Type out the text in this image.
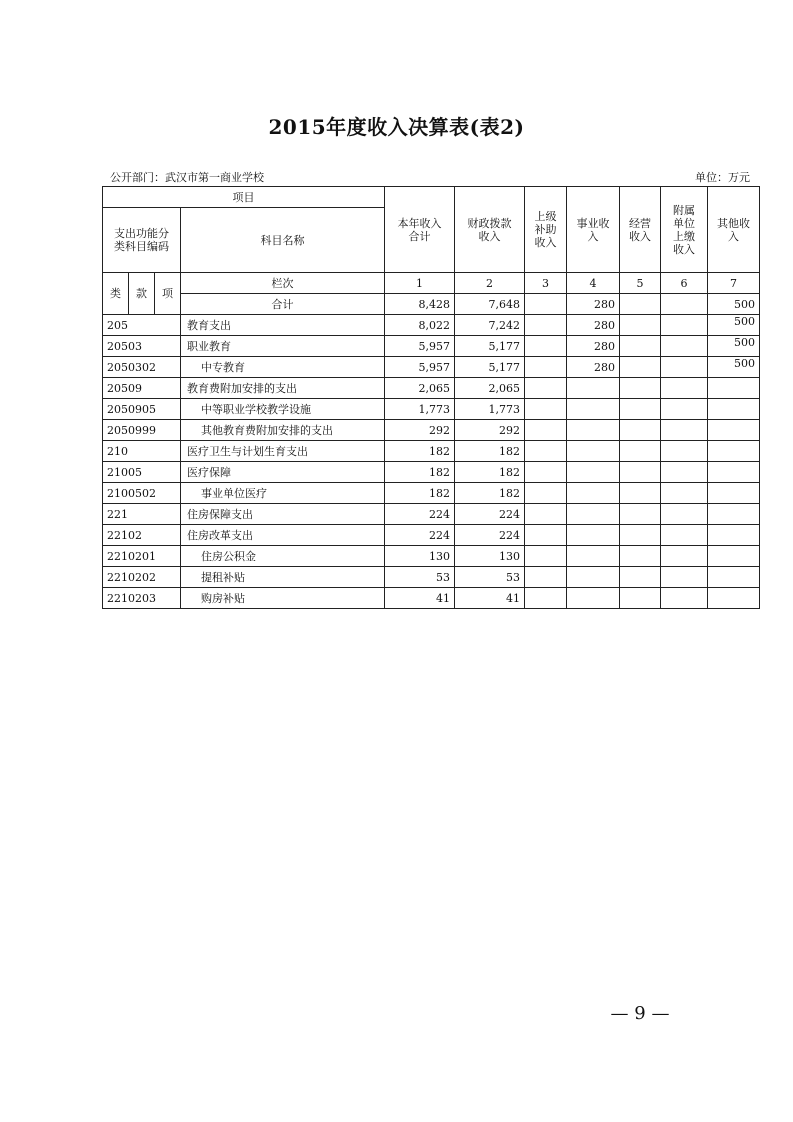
2015年度收入决算表(表2)
公开部门：武汉市第一商业学校	单位：万元
项目				本年收入合计	财政拨款收入	上级补助收入	事业收入	经营收入	附属单位上缴收入	其他收入
支出功能分类科目编码			科目名称							
类	款	项	栏次	1	2	3	4	5	6	7
			合计	8,428	7,648		280			500
205			教育支出	8,022	7,242		280			500
20503			职业教育	5,957	5,177		280			500
2050302			中专教育	5,957	5,177		280			500
20509			教育费附加安排的支出	2,065	2,065					
2050905			中等职业学校教学设施	1,773	1,773					
2050999			其他教育费附加安排的支出	292	292					
210			医疗卫生与计划生育支出	182	182					
21005			医疗保障	182	182					
2100502			事业单位医疗	182	182					
221			住房保障支出	224	224					
22102			住房改革支出	224	224					
2210201			住房公积金	130	130					
2210202			提租补贴	53	53					
2210203			购房补贴	41	41					
— 9 —
